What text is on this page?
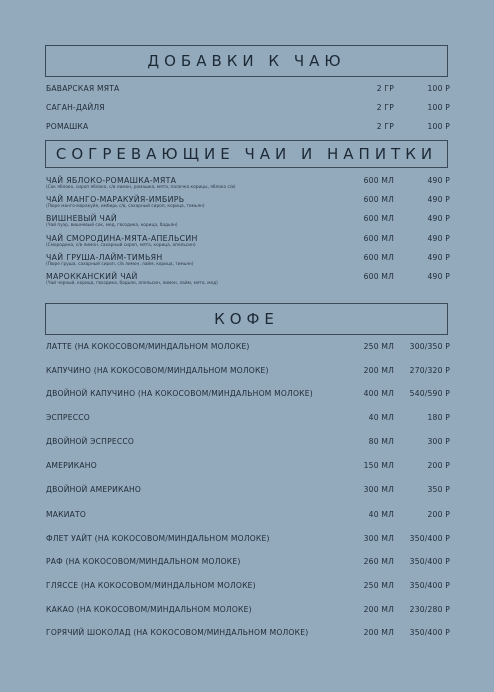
ДОБАВКИ К ЧАЮ
БАВАРСКАЯ МЯТА	2 ГР	100 Р
САГАН-ДАЙЛЯ	2 ГР	100 Р
РОМАШКА	2 ГР	100 Р
СОГРЕВАЮЩИЕ ЧАИ И НАПИТКИ
ЧАЙ ЯБЛОКО-РОМАШКА-МЯТА
(Сок яблоко, сироп яблоко, с/в лимон, ромашка, мята, палочка корицы, яблоко с/в)
600 МЛ	490 Р
ЧАЙ МАНГО-МАРАКУЙЯ-ИМБИРЬ
(Пюре манго-маракуйя, имбирь с/в, сахарный сироп, корица, тимьян)
600 МЛ	490 Р
ВИШНЕВЫЙ ЧАЙ
(Чай пуэр, вишневый сок, мед, гвоздика, корица, бадьян)
600 МЛ	490 Р
ЧАЙ СМОРОДИНА-МЯТА-АПЕЛЬСИН
(Смородина, с/в лимон, сахарный сироп, мята, корица, апельсин)
600 МЛ	490 Р
ЧАЙ ГРУША-ЛАЙМ-ТИМЬЯН
(Пюре груша, сахарный сироп, с/в лимон, лайм, корица, тимьян)
600 МЛ	490 Р
МАРОККАНСКИЙ ЧАЙ
(Чай черный, корица, гвоздика, бадьян, апельсин, лимон, лайм, мята, мед)
600 МЛ	490 Р
КОФЕ
ЛАТТЕ (НА КОКОСОВОМ/МИНДАЛЬНОМ МОЛОКЕ)	250 МЛ 300/350 Р
КАПУЧИНО (НА КОКОСОВОМ/МИНДАЛЬНОМ МОЛОКЕ)	200 МЛ 270/320 Р
ДВОЙНОЙ КАПУЧИНО (НА КОКОСОВОМ/МИНДАЛЬНОМ МОЛОКЕ)	400 МЛ 540/590 Р
ЭСПРЕССО	40 МЛ	180 Р
ДВОЙНОЙ ЭСПРЕССО	80 МЛ	300 Р
АМЕРИКАНО	150 МЛ	200 Р
ДВОЙНОЙ АМЕРИКАНО	300 МЛ	350 Р
МАКИАТО	40 МЛ	200 Р
ФЛЕТ УАЙТ (НА КОКОСОВОМ/МИНДАЛЬНОМ МОЛОКЕ)	300 МЛ 350/400 Р
РАФ (НА КОКОСОВОМ/МИНДАЛЬНОМ МОЛОКЕ)	260 МЛ 350/400 Р
ГЛЯССЕ (НА КОКОСОВОМ/МИНДАЛЬНОМ МОЛОКЕ)	250 МЛ 350/400 Р
КАКАО (НА КОКОСОВОМ/МИНДАЛЬНОМ МОЛОКЕ)	200 МЛ 230/280 Р
ГОРЯЧИЙ ШОКОЛАД (НА КОКОСОВОМ/МИНДАЛЬНОМ МОЛОКЕ)	200 МЛ 350/400 Р
